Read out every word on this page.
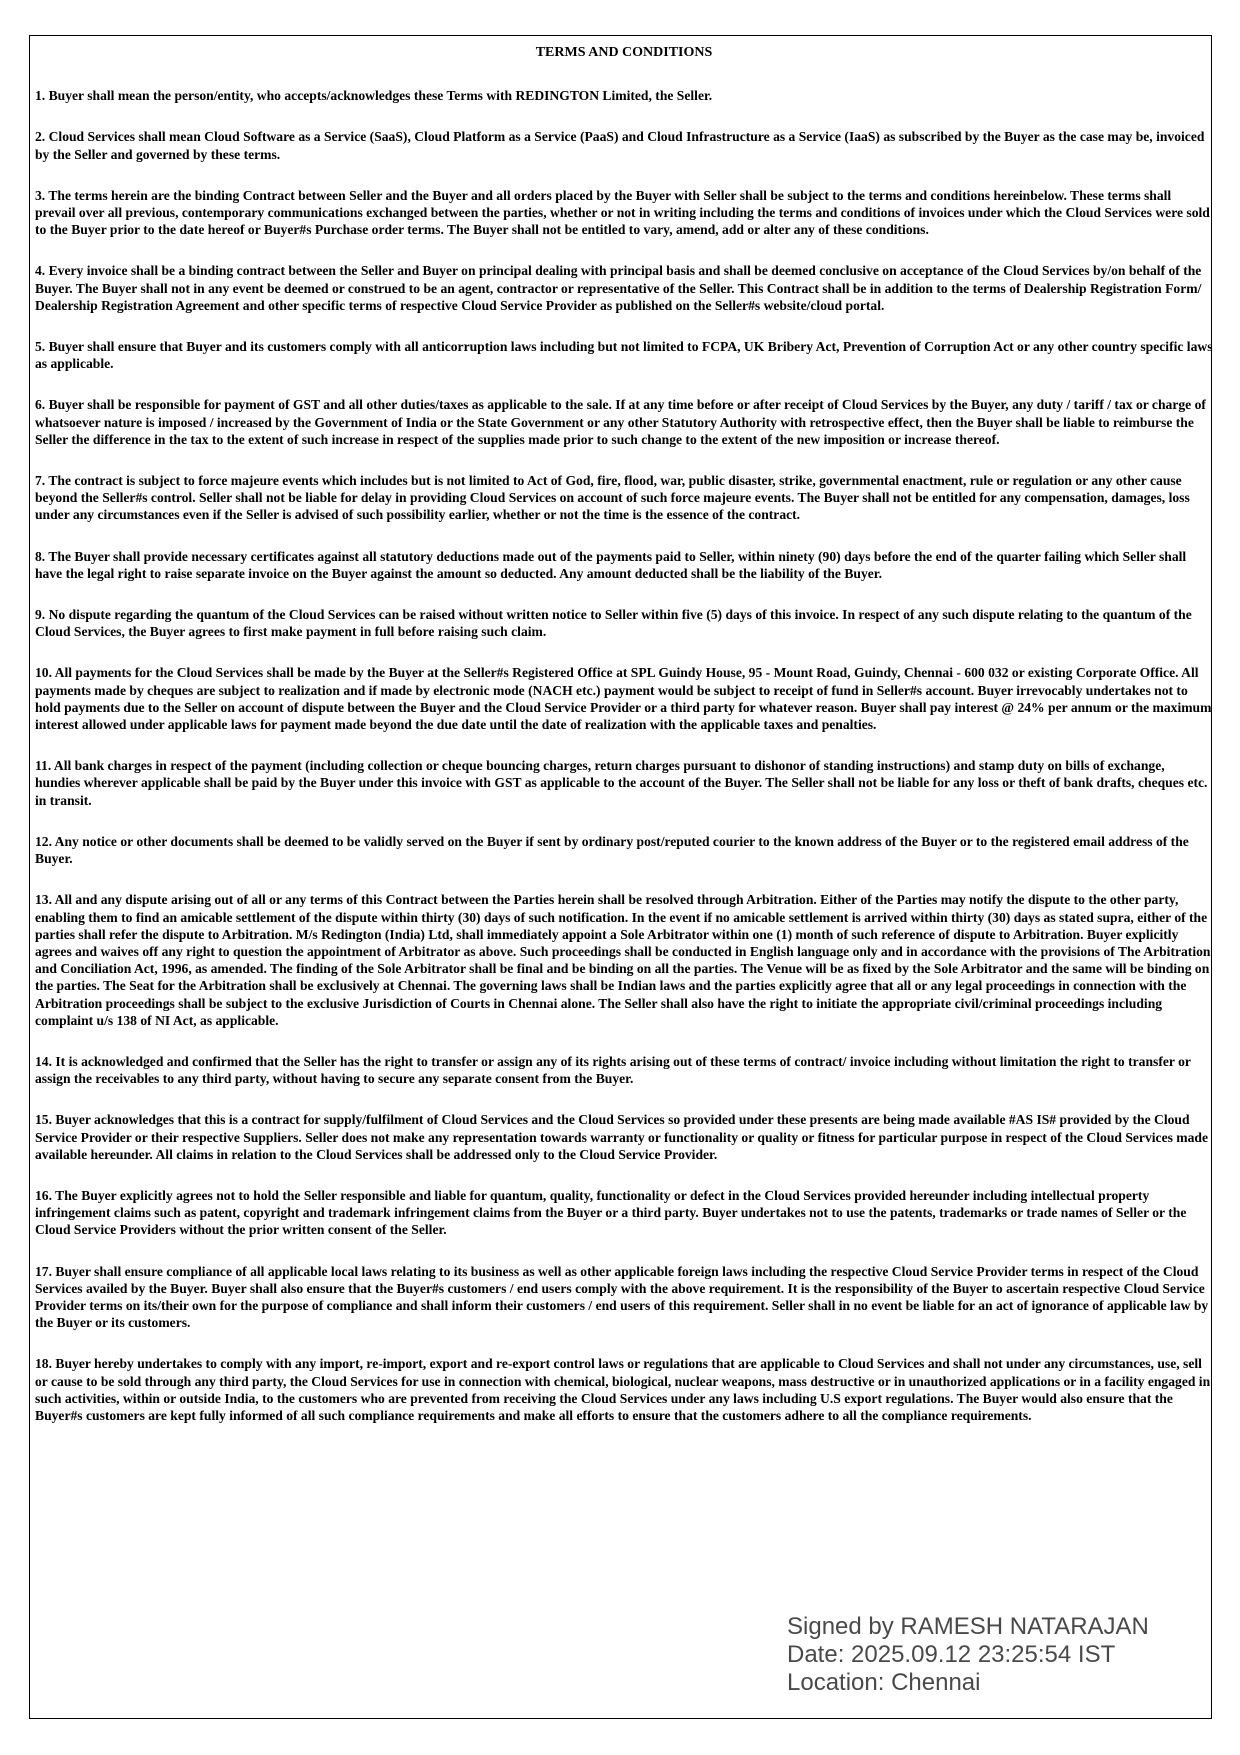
TERMS AND CONDITIONS
1. Buyer shall mean the person/entity, who accepts/acknowledges these Terms with REDINGTON Limited, the Seller.
2. Cloud Services shall mean Cloud Software as a Service (SaaS), Cloud Platform as a Service (PaaS) and Cloud Infrastructure as a Service (IaaS) as subscribed by the Buyer as the case may be, invoiced by the Seller and governed by these terms.
3. The terms herein are the binding Contract between Seller and the Buyer and all orders placed by the Buyer with Seller shall be subject to the terms and conditions hereinbelow. These terms shall prevail over all previous, contemporary communications exchanged between the parties, whether or not in writing including the terms and conditions of invoices under which the Cloud Services were sold to the Buyer prior to the date hereof or Buyer#s Purchase order terms. The Buyer shall not be entitled to vary, amend, add or alter any of these conditions.
4. Every invoice shall be a binding contract between the Seller and Buyer on principal dealing with principal basis and shall be deemed conclusive on acceptance of the Cloud Services by/on behalf of the Buyer. The Buyer shall not in any event be deemed or construed to be an agent, contractor or representative of the Seller. This Contract shall be in addition to the terms of Dealership Registration Form/ Dealership Registration Agreement and other specific terms of respective Cloud Service Provider as published on the Seller#s website/cloud portal.
5. Buyer shall ensure that Buyer and its customers comply with all anticorruption laws including but not limited to FCPA, UK Bribery Act, Prevention of Corruption Act or any other country specific laws as applicable.
6. Buyer shall be responsible for payment of GST and all other duties/taxes as applicable to the sale. If at any time before or after receipt of Cloud Services by the Buyer, any duty / tariff / tax or charge of whatsoever nature is imposed / increased by the Government of India or the State Government or any other Statutory Authority with retrospective effect, then the Buyer shall be liable to reimburse the Seller the difference in the tax to the extent of such increase in respect of the supplies made prior to such change to the extent of the new imposition or increase thereof.
7. The contract is subject to force majeure events which includes but is not limited to Act of God, fire, flood, war, public disaster, strike, governmental enactment, rule or regulation or any other cause beyond the Seller#s control. Seller shall not be liable for delay in providing Cloud Services on account of such force majeure events. The Buyer shall not be entitled for any compensation, damages, loss under any circumstances even if the Seller is advised of such possibility earlier, whether or not the time is the essence of the contract.
8. The Buyer shall provide necessary certificates against all statutory deductions made out of the payments paid to Seller, within ninety (90) days before the end of the quarter failing which Seller shall have the legal right to raise separate invoice on the Buyer against the amount so deducted. Any amount deducted shall be the liability of the Buyer.
9. No dispute regarding the quantum of the Cloud Services can be raised without written notice to Seller within five (5) days of this invoice. In respect of any such dispute relating to the quantum of the Cloud Services, the Buyer agrees to first make payment in full before raising such claim.
10. All payments for the Cloud Services shall be made by the Buyer at the Seller#s Registered Office at SPL Guindy House, 95 - Mount Road, Guindy, Chennai - 600 032 or existing Corporate Office. All payments made by cheques are subject to realization and if made by electronic mode (NACH etc.) payment would be subject to receipt of fund in Seller#s account. Buyer irrevocably undertakes not to hold payments due to the Seller on account of dispute between the Buyer and the Cloud Service Provider or a third party for whatever reason. Buyer shall pay interest @ 24% per annum or the maximum interest allowed under applicable laws for payment made beyond the due date until the date of realization with the applicable taxes and penalties.
11. All bank charges in respect of the payment (including collection or cheque bouncing charges, return charges pursuant to dishonor of standing instructions) and stamp duty on bills of exchange, hundies wherever applicable shall be paid by the Buyer under this invoice with GST as applicable to the account of the Buyer. The Seller shall not be liable for any loss or theft of bank drafts, cheques etc. in transit.
12. Any notice or other documents shall be deemed to be validly served on the Buyer if sent by ordinary post/reputed courier to the known address of the Buyer or to the registered email address of the Buyer.
13. All and any dispute arising out of all or any terms of this Contract between the Parties herein shall be resolved through Arbitration. Either of the Parties may notify the dispute to the other party, enabling them to find an amicable settlement of the dispute within thirty (30) days of such notification. In the event if no amicable settlement is arrived within thirty (30) days as stated supra, either of the parties shall refer the dispute to Arbitration. M/s Redington (India) Ltd, shall immediately appoint a Sole Arbitrator within one (1) month of such reference of dispute to Arbitration. Buyer explicitly agrees and waives off any right to question the appointment of Arbitrator as above. Such proceedings shall be conducted in English language only and in accordance with the provisions of The Arbitration and Conciliation Act, 1996, as amended. The finding of the Sole Arbitrator shall be final and be binding on all the parties. The Venue will be as fixed by the Sole Arbitrator and the same will be binding on the parties. The Seat for the Arbitration shall be exclusively at Chennai. The governing laws shall be Indian laws and the parties explicitly agree that all or any legal proceedings in connection with the Arbitration proceedings shall be subject to the exclusive Jurisdiction of Courts in Chennai alone. The Seller shall also have the right to initiate the appropriate civil/criminal proceedings including complaint u/s 138 of NI Act, as applicable.
14. It is acknowledged and confirmed that the Seller has the right to transfer or assign any of its rights arising out of these terms of contract/ invoice including without limitation the right to transfer or assign the receivables to any third party, without having to secure any separate consent from the Buyer.
15. Buyer acknowledges that this is a contract for supply/fulfilment of Cloud Services and the Cloud Services so provided under these presents are being made available #AS IS# provided by the Cloud Service Provider or their respective Suppliers. Seller does not make any representation towards warranty or functionality or quality or fitness for particular purpose in respect of the Cloud Services made available hereunder. All claims in relation to the Cloud Services shall be addressed only to the Cloud Service Provider.
16. The Buyer explicitly agrees not to hold the Seller responsible and liable for quantum, quality, functionality or defect in the Cloud Services provided hereunder including intellectual property infringement claims such as patent, copyright and trademark infringement claims from the Buyer or a third party. Buyer undertakes not to use the patents, trademarks or trade names of Seller or the Cloud Service Providers without the prior written consent of the Seller.
17. Buyer shall ensure compliance of all applicable local laws relating to its business as well as other applicable foreign laws including the respective Cloud Service Provider terms in respect of the Cloud Services availed by the Buyer. Buyer shall also ensure that the Buyer#s customers / end users comply with the above requirement. It is the responsibility of the Buyer to ascertain respective Cloud Service Provider terms on its/their own for the purpose of compliance and shall inform their customers / end users of this requirement. Seller shall in no event be liable for an act of ignorance of applicable law by the Buyer or its customers.
18. Buyer hereby undertakes to comply with any import, re-import, export and re-export control laws or regulations that are applicable to Cloud Services and shall not under any circumstances, use, sell or cause to be sold through any third party, the Cloud Services for use in connection with chemical, biological, nuclear weapons, mass destructive or in unauthorized applications or in a facility engaged in such activities, within or outside India, to the customers who are prevented from receiving the Cloud Services under any laws including U.S export regulations. The Buyer would also ensure that the Buyer#s customers are kept fully informed of all such compliance requirements and make all efforts to ensure that the customers adhere to all the compliance requirements.
Signed by RAMESH NATARAJAN
Date: 2025.09.12 23:25:54 IST
Location: Chennai
